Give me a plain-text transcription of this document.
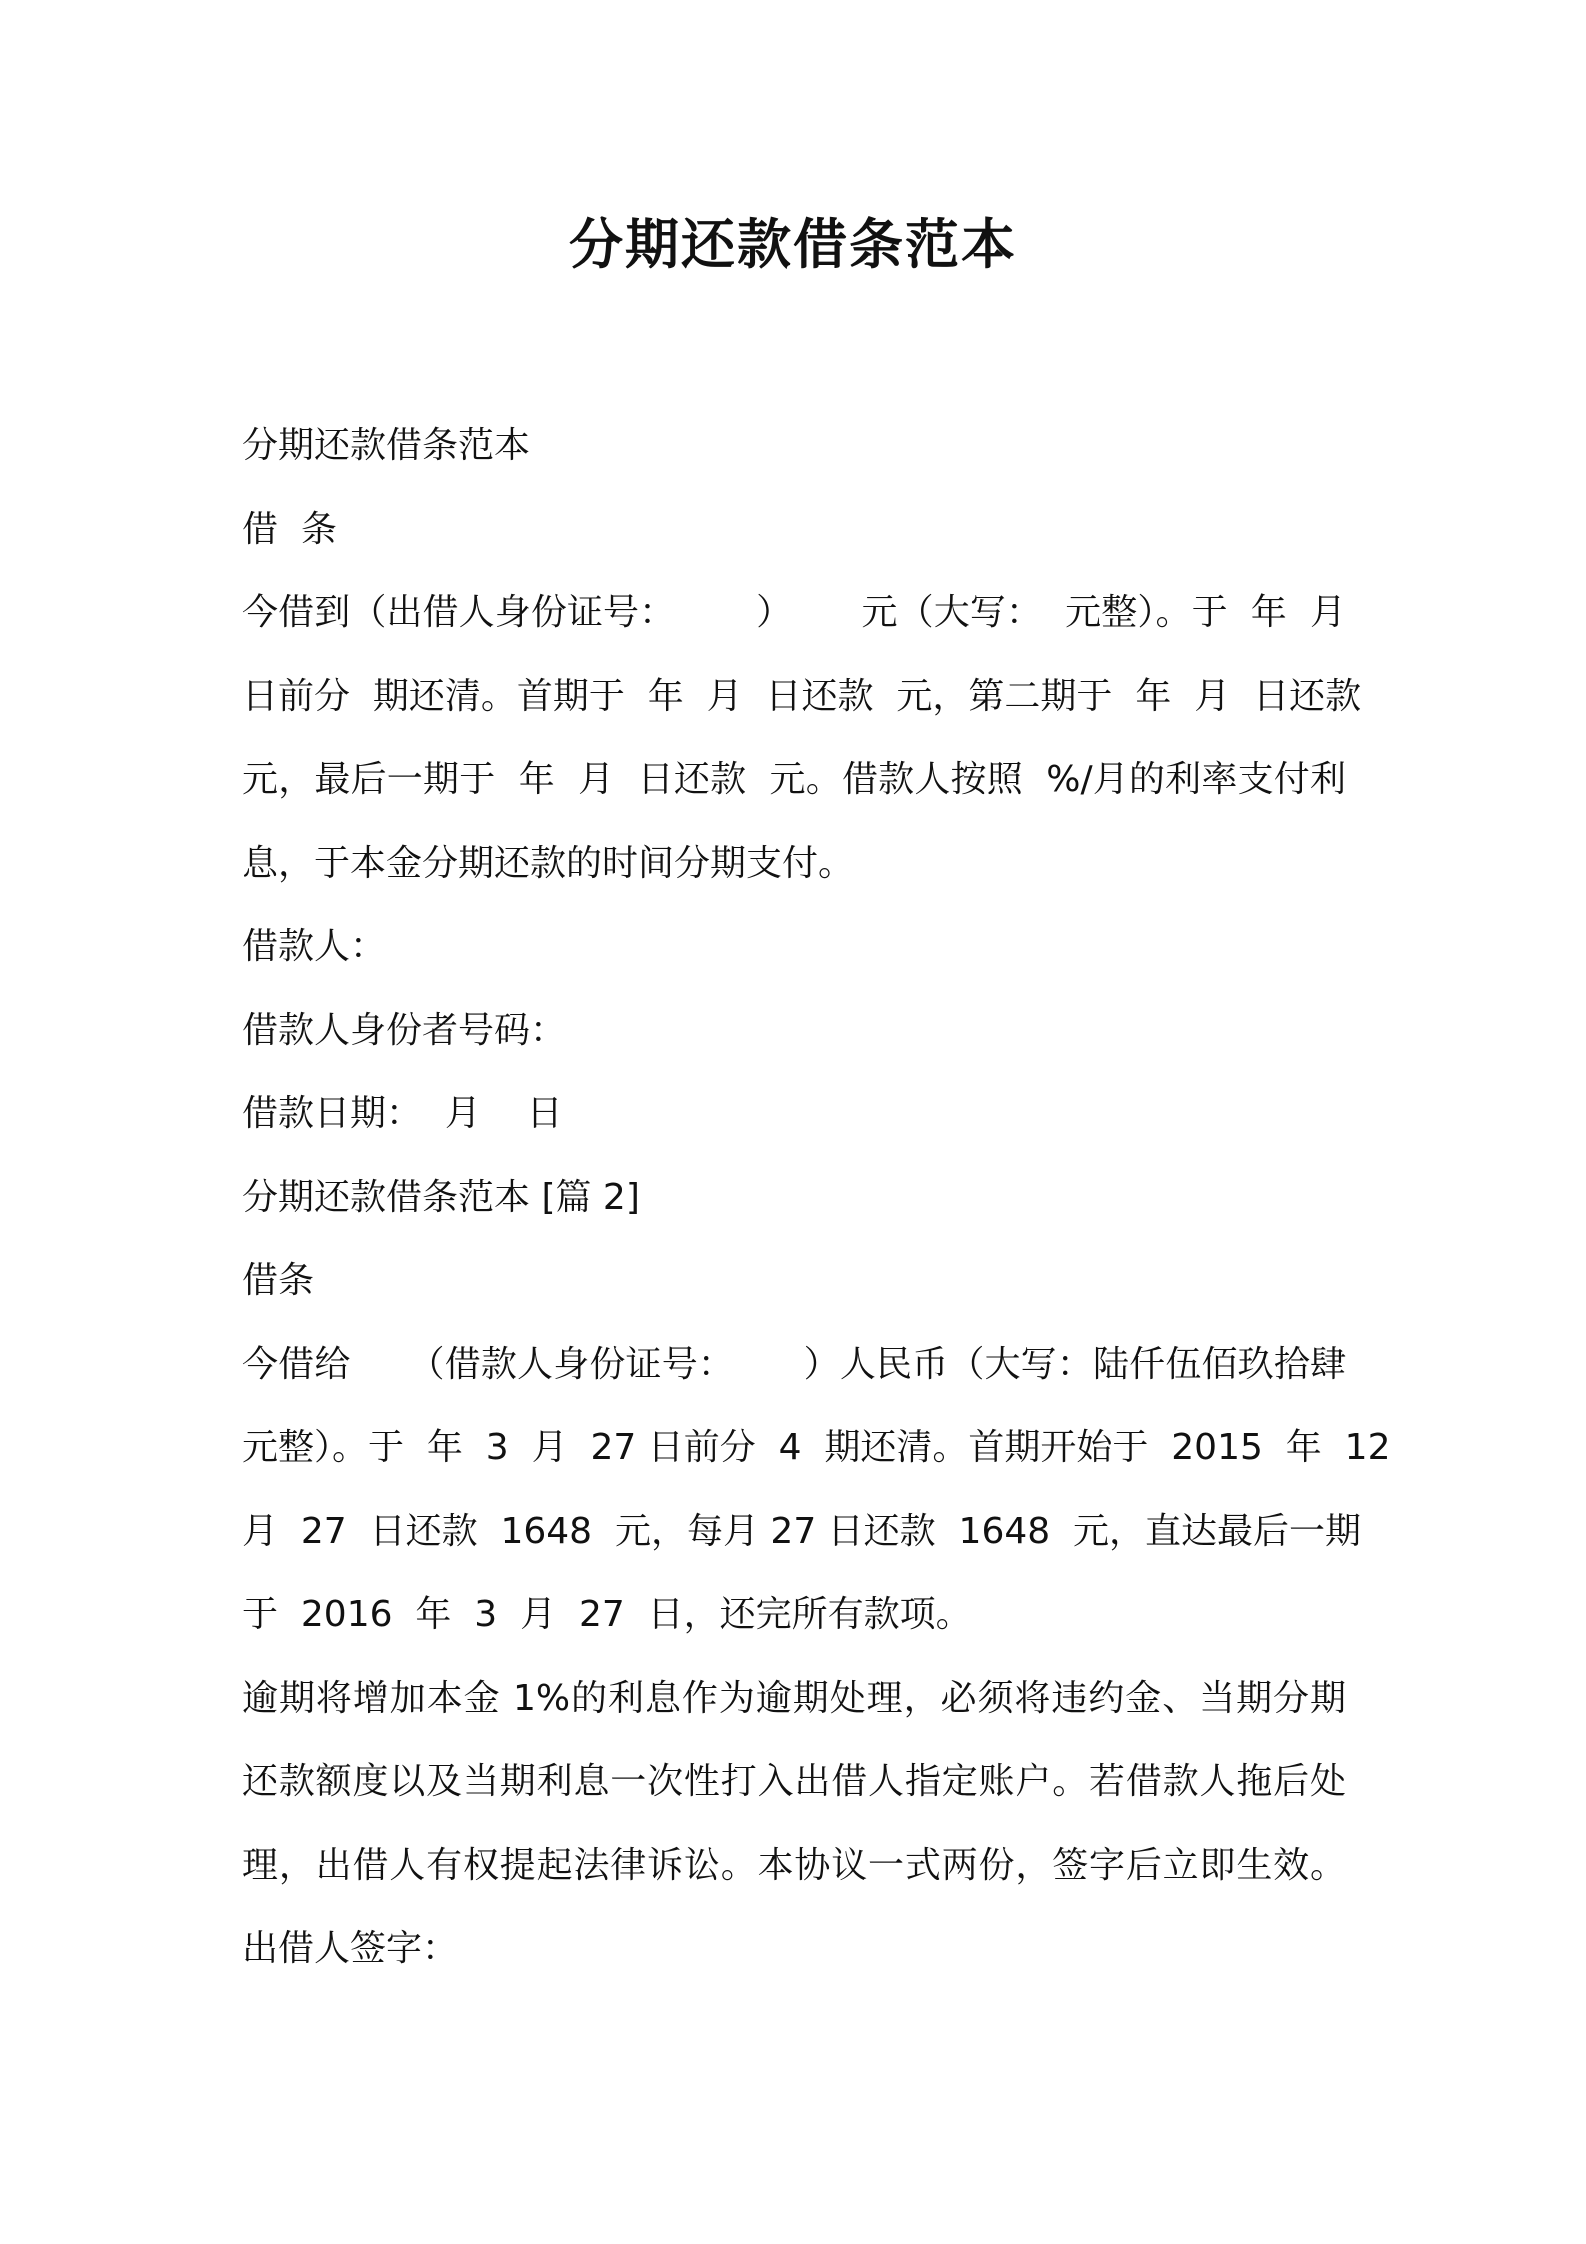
分期还款借条范本

分期还款借条范本

借  条

今借到（出借人身份证号：       ）      元（大写：  元整）。于  年  月

日前分  期还清。首期于  年  月  日还款  元，第二期于  年  月  日还款

元，最后一期于  年  月  日还款  元。借款人按照  %/月的利率支付利

息，于本金分期还款的时间分期支付。

借款人：

借款人身份者号码：

借款日期：  月    日

分期还款借条范本 [篇 2]

借条

今借给     （借款人身份证号：      ）人民币（大写：陆仟伍佰玖拾肆

元整）。于  年  3  月  27 日前分  4  期还清。首期开始于  2015  年  12

月  27  日还款  1648  元，每月 27 日还款  1648  元，直达最后一期

于  2016  年  3  月  27  日，还完所有款项。

逾期将增加本金 1%的利息作为逾期处理，必须将违约金、当期分期

还款额度以及当期利息一次性打入出借人指定账户。若借款人拖后处

理，出借人有权提起法律诉讼。本协议一式两份，签字后立即生效。

出借人签字：
